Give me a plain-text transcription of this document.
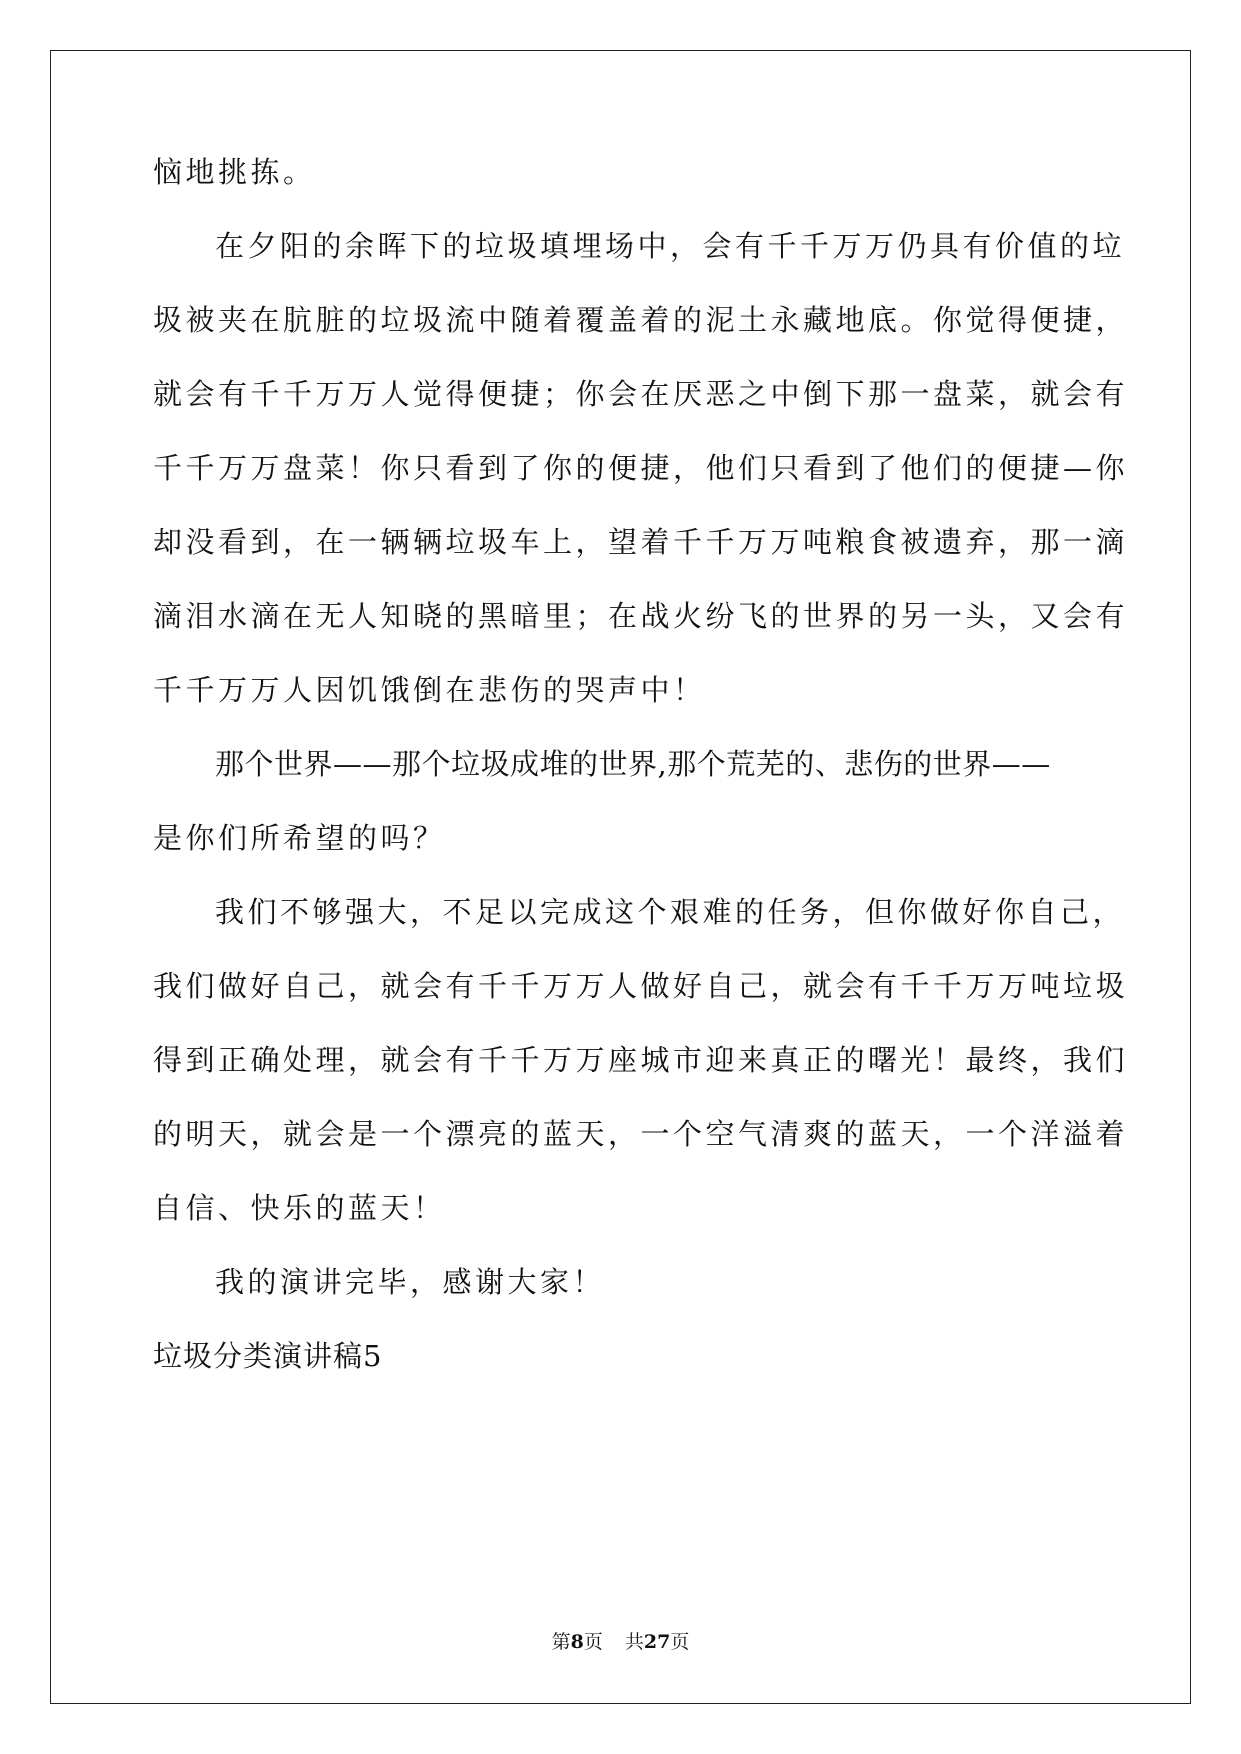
恼地挑拣。
在夕阳的余晖下的垃圾填埋场中，会有千千万万仍具有价值的垃
圾被夹在肮脏的垃圾流中随着覆盖着的泥土永藏地底。你觉得便捷，
就会有千千万万人觉得便捷；你会在厌恶之中倒下那一盘菜，就会有
千千万万盘菜！你只看到了你的便捷，他们只看到了他们的便捷—你
却没看到，在一辆辆垃圾车上，望着千千万万吨粮食被遗弃，那一滴
滴泪水滴在无人知晓的黑暗里；在战火纷飞的世界的另一头，又会有
千千万万人因饥饿倒在悲伤的哭声中！
那个世界——那个垃圾成堆的世界,那个荒芜的、悲伤的世界——
是你们所希望的吗？
我们不够强大，不足以完成这个艰难的任务，但你做好你自己，
我们做好自己，就会有千千万万人做好自己，就会有千千万万吨垃圾
得到正确处理，就会有千千万万座城市迎来真正的曙光！最终，我们
的明天，就会是一个漂亮的蓝天，一个空气清爽的蓝天，一个洋溢着
自信、快乐的蓝天！
我的演讲完毕，感谢大家！
垃圾分类演讲稿5
第8页 共27页
